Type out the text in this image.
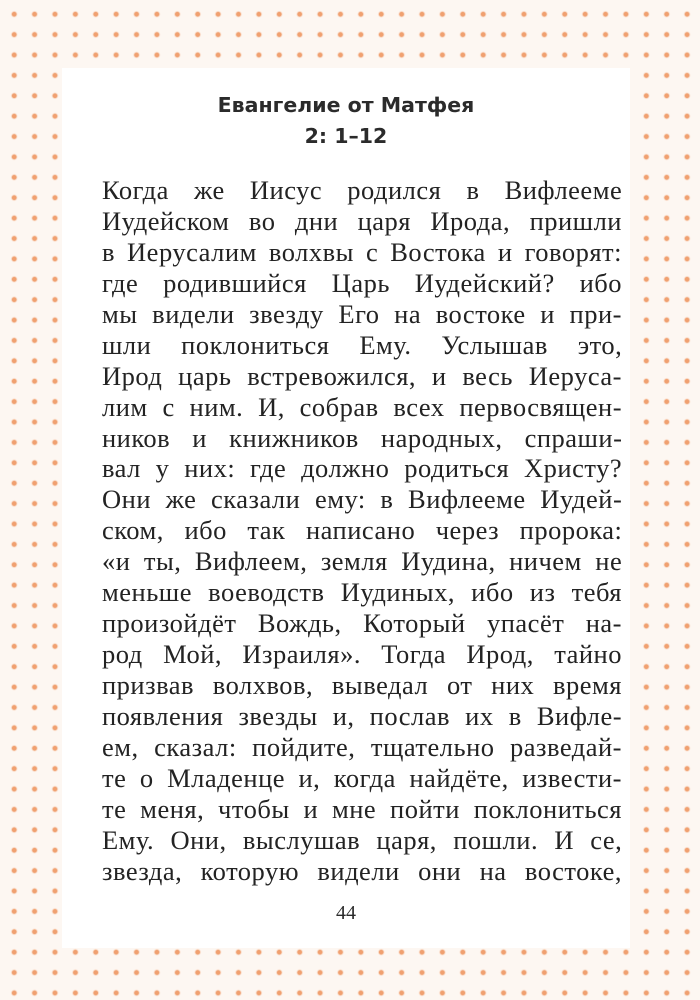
Евангелие от Матфея
2: 1–12
Когда же Иисус родился в Вифлееме
Иудейском во дни царя Ирода, пришли
в Иерусалим волхвы с Востока и говорят:
где родившийся Царь Иудейский? ибо
мы видели звезду Его на востоке и при-
шли поклониться Ему. Услышав это,
Ирод царь встревожился, и весь Иеруса-
лим с ним. И, собрав всех первосвящен-
ников и книжников народных, спраши-
вал у них: где должно родиться Христу?
Они же сказали ему: в Вифлееме Иудей-
ском, ибо так написано через пророка:
«и ты, Вифлеем, земля Иудина, ничем не
меньше воеводств Иудиных, ибо из тебя
произойдёт Вождь, Который упасёт на-
род Мой, Израиля». Тогда Ирод, тайно
призвав волхвов, выведал от них время
появления звезды и, послав их в Вифле-
ем, сказал: пойдите, тщательно разведай-
те о Младенце и, когда найдёте, извести-
те меня, чтобы и мне пойти поклониться
Ему. Они, выслушав царя, пошли. И се,
звезда, которую видели они на востоке,
44
